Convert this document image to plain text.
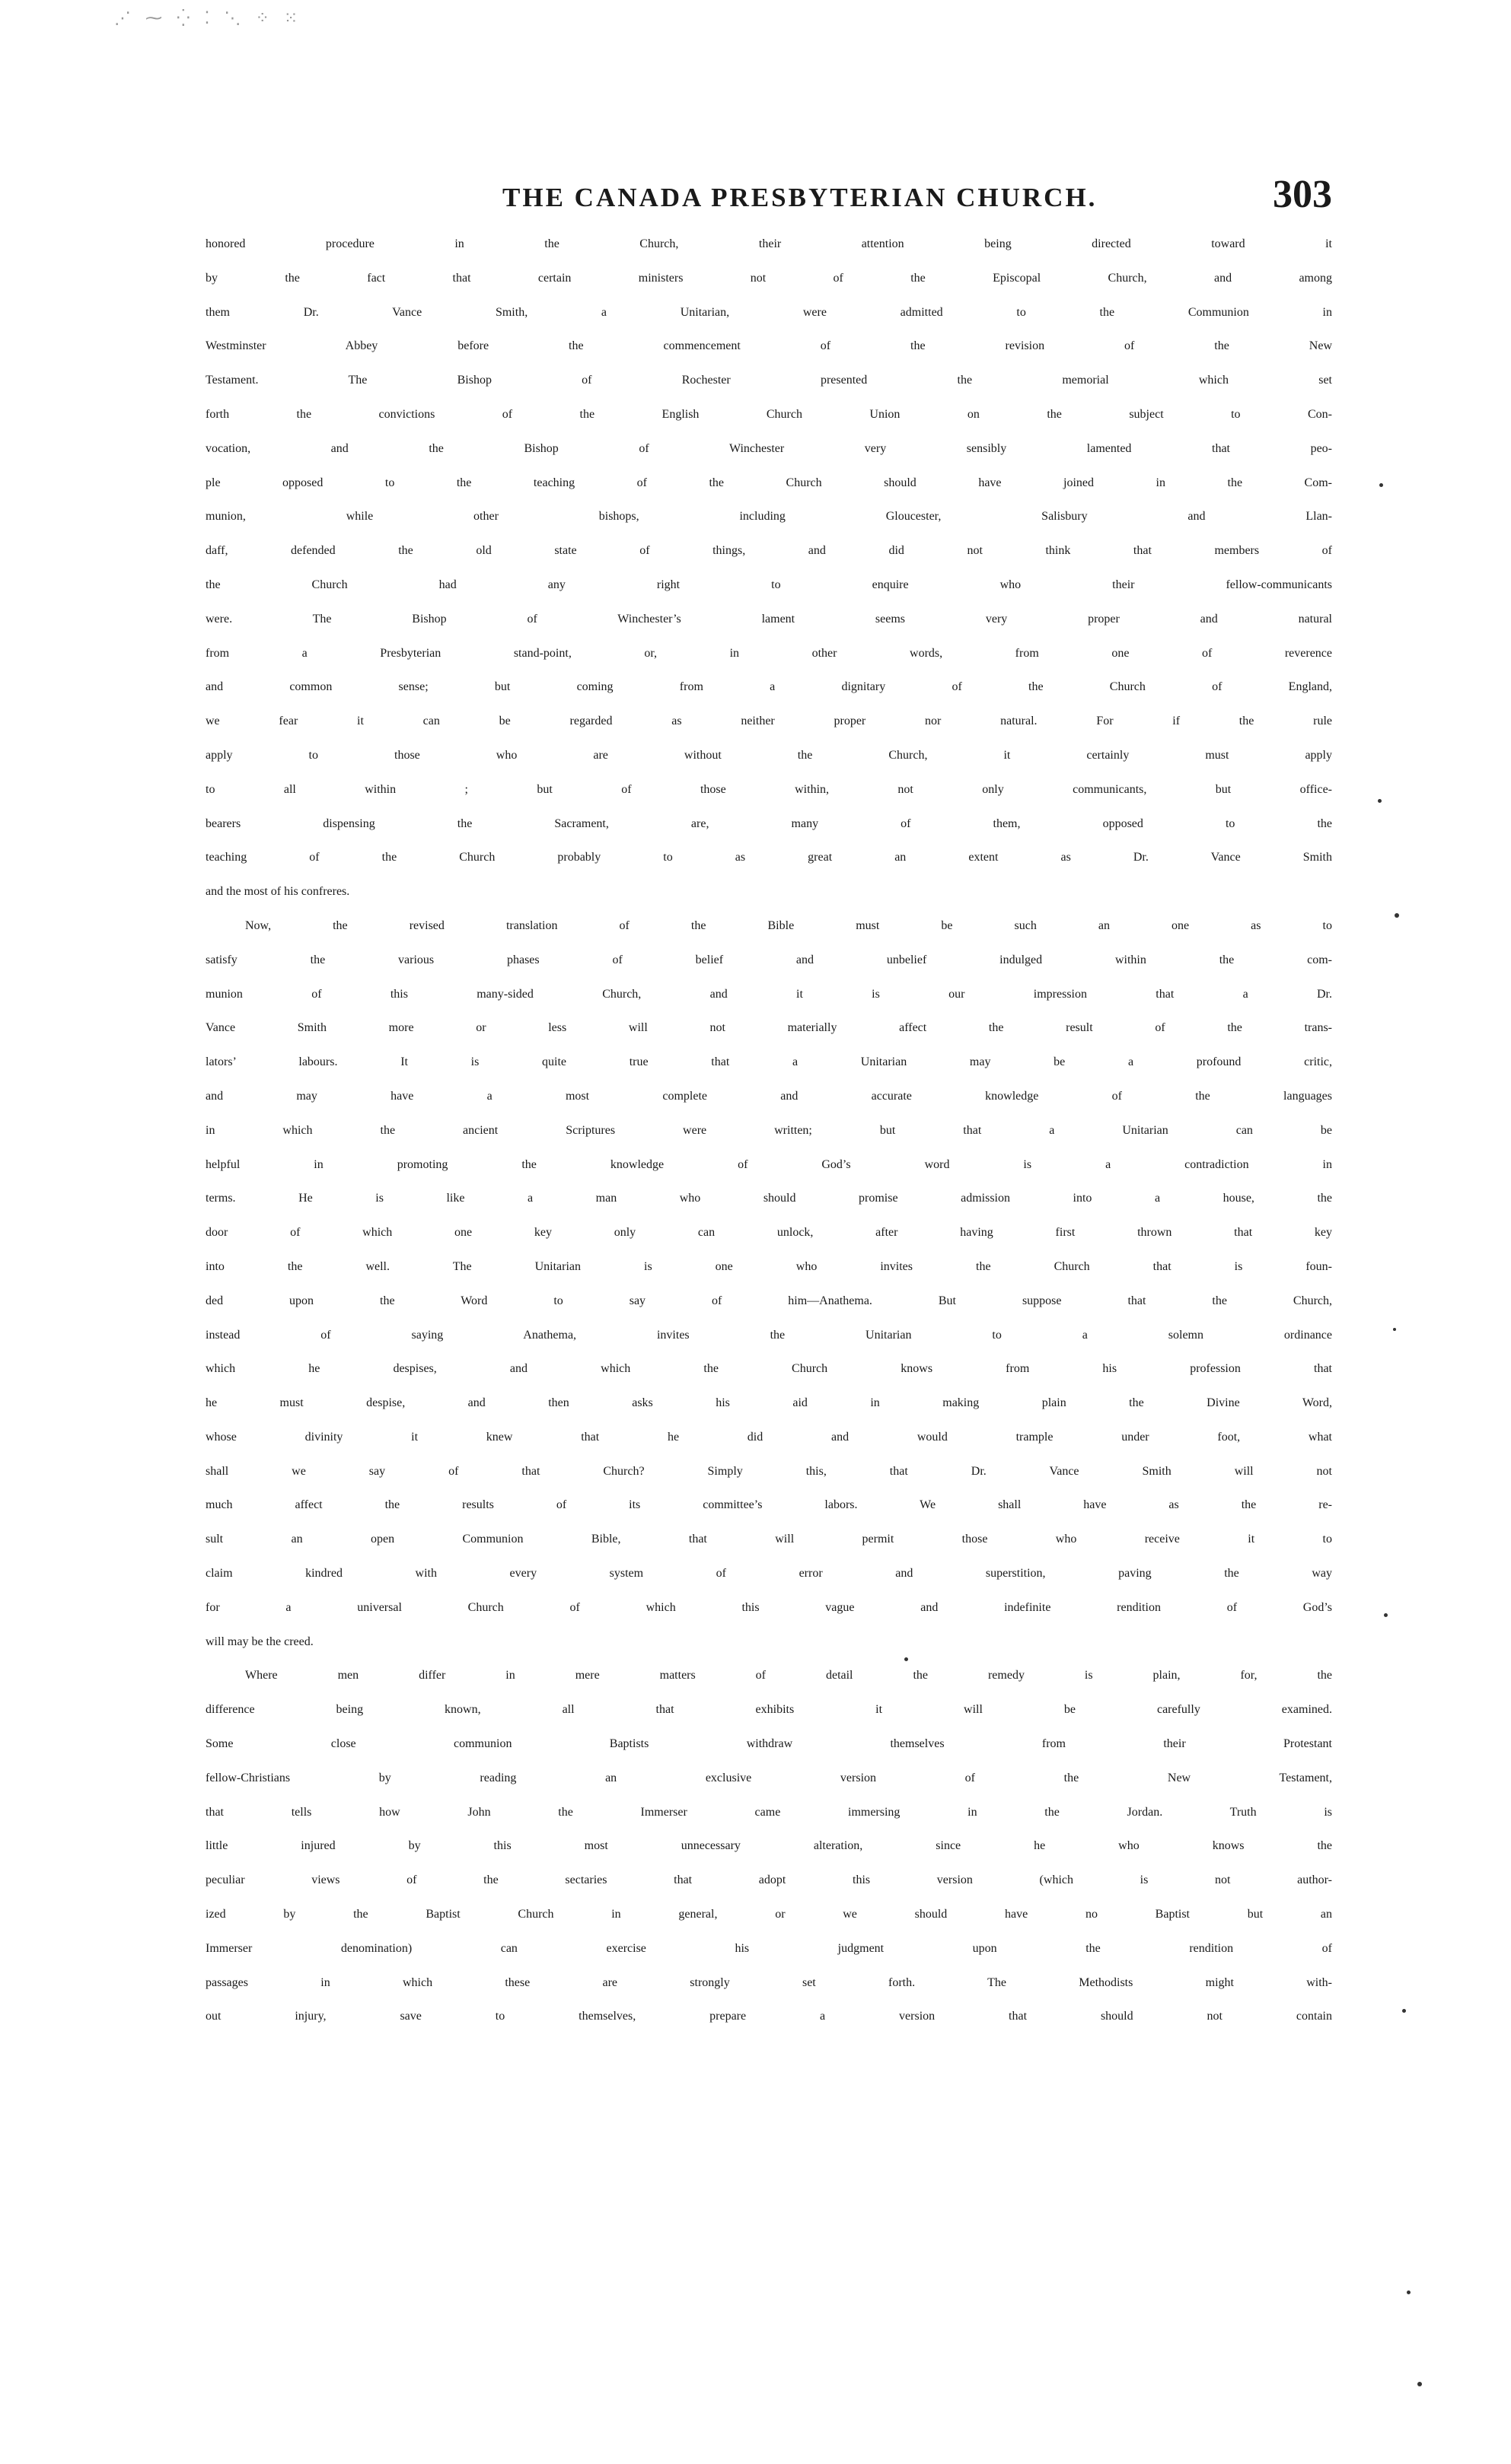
⋰ ⁓ ⁛ ⁚ ⋱ ⁘ ⁙
THE CANADA PRESBYTERIAN CHURCH.	303
honored procedure in the Church, their attention being directed toward it
by the fact that certain ministers not of the Episcopal Church, and among
them Dr. Vance Smith, a Unitarian, were admitted to the Communion in
Westminster Abbey before the commencement of the revision of the New
Testament. The Bishop of Rochester presented the memorial which set
forth the convictions of the English Church Union on the subject to Con-
vocation, and the Bishop of Winchester very sensibly lamented that peo-
ple opposed to the teaching of the Church should have joined in the Com-
munion, while other bishops, including Gloucester, Salisbury and Llan-
daff, defended the old state of things, and did not think that members of
the Church had any right to enquire who their fellow-communicants
were. The Bishop of Winchester’s lament seems very proper and natural
from a Presbyterian stand-point, or, in other words, from one of reverence
and common sense; but coming from a dignitary of the Church of England,
we fear it can be regarded as neither proper nor natural. For if the rule
apply to those who are without the Church, it certainly must apply
to all within ; but of those within, not only communicants, but office-
bearers dispensing the Sacrament, are, many of them, opposed to the
teaching of the Church probably to as great an extent as Dr. Vance Smith
and the most of his confreres.
Now, the revised translation of the Bible must be such an one as to
satisfy the various phases of belief and unbelief indulged within the com-
munion of this many-sided Church, and it is our impression that a Dr.
Vance Smith more or less will not materially affect the result of the trans-
lators’ labours. It is quite true that a Unitarian may be a profound critic,
and may have a most complete and accurate knowledge of the languages
in which the ancient Scriptures were written; but that a Unitarian can be
helpful in promoting the knowledge of God’s word is a contradiction in
terms. He is like a man who should promise admission into a house, the
door of which one key only can unlock, after having first thrown that key
into the well. The Unitarian is one who invites the Church that is foun-
ded upon the Word to say of him—Anathema. But suppose that the Church,
instead of saying Anathema, invites the Unitarian to a solemn ordinance
which he despises, and which the Church knows from his profession that
he must despise, and then asks his aid in making plain the Divine Word,
whose divinity it knew that he did and would trample under foot, what
shall we say of that Church? Simply this, that Dr. Vance Smith will not
much affect the results of its committee’s labors. We shall have as the re-
sult an open Communion Bible, that will permit those who receive it to
claim kindred with every system of error and superstition, paving the way
for a universal Church of which this vague and indefinite rendition of God’s
will may be the creed.
Where men differ in mere matters of detail the remedy is plain, for, the
difference being known, all that exhibits it will be carefully examined.
Some close communion Baptists withdraw themselves from their Protestant
fellow-Christians by reading an exclusive version of the New Testament,
that tells how John the Immerser came immersing in the Jordan. Truth is
little injured by this most unnecessary alteration, since he who knows the
peculiar views of the sectaries that adopt this version (which is not author-
ized by the Baptist Church in general, or we should have no Baptist but an
Immerser denomination) can exercise his judgment upon the rendition of
passages in which these are strongly set forth. The Methodists might with-
out injury, save to themselves, prepare a version that should not contain
